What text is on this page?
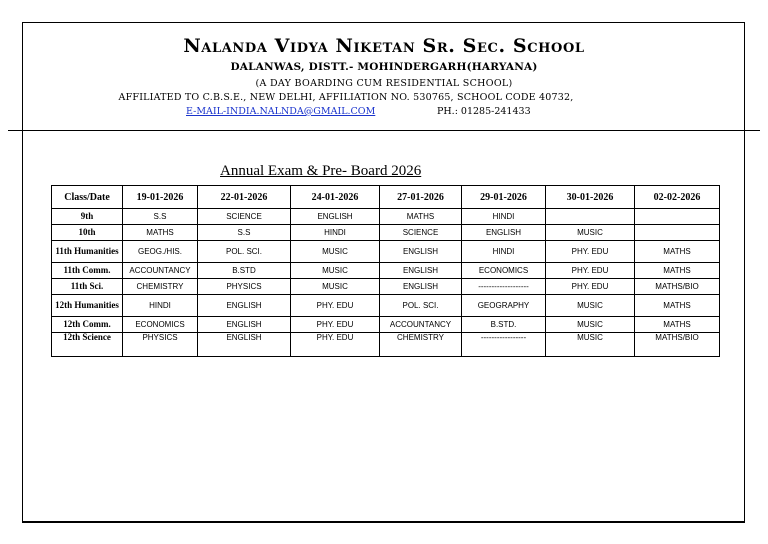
Nalanda Vidya Niketan Sr. Sec. School
DALANWAS, DISTT.- MOHINDERGARH(HARYANA)
(A DAY BOARDING CUM RESIDENTIAL SCHOOL)
AFFILIATED TO C.B.S.E., NEW DELHI, AFFILIATION NO. 530765, SCHOOL CODE 40732,
E-MAIL-INDIA.NALNDA@GMAIL.COM	PH.: 01285-241433
Annual Exam & Pre- Board 2026
Class/Date	19-01-2026	22-01-2026	24-01-2026	27-01-2026	29-01-2026	30-01-2026	02-02-2026
9th	S.S	SCIENCE	ENGLISH	MATHS	HINDI		
10th	MATHS	S.S	HINDI	SCIENCE	ENGLISH	MUSIC	
11th Humanities	GEOG./HIS.	POL. SCI.	MUSIC	ENGLISH	HINDI	PHY. EDU	MATHS
11th Comm.	ACCOUNTANCY	B.STD	MUSIC	ENGLISH	ECONOMICS	PHY. EDU	MATHS
11th Sci.	CHEMISTRY	PHYSICS	MUSIC	ENGLISH	-------------------	PHY. EDU	MATHS/BIO
12th Humanities	HINDI	ENGLISH	PHY. EDU	POL. SCI.	GEOGRAPHY	MUSIC	MATHS
12th Comm.	ECONOMICS	ENGLISH	PHY. EDU	ACCOUNTANCY	B.STD.	MUSIC	MATHS
12th Science	PHYSICS	ENGLISH	PHY. EDU	CHEMISTRY	-----------------	MUSIC	MATHS/BIO
